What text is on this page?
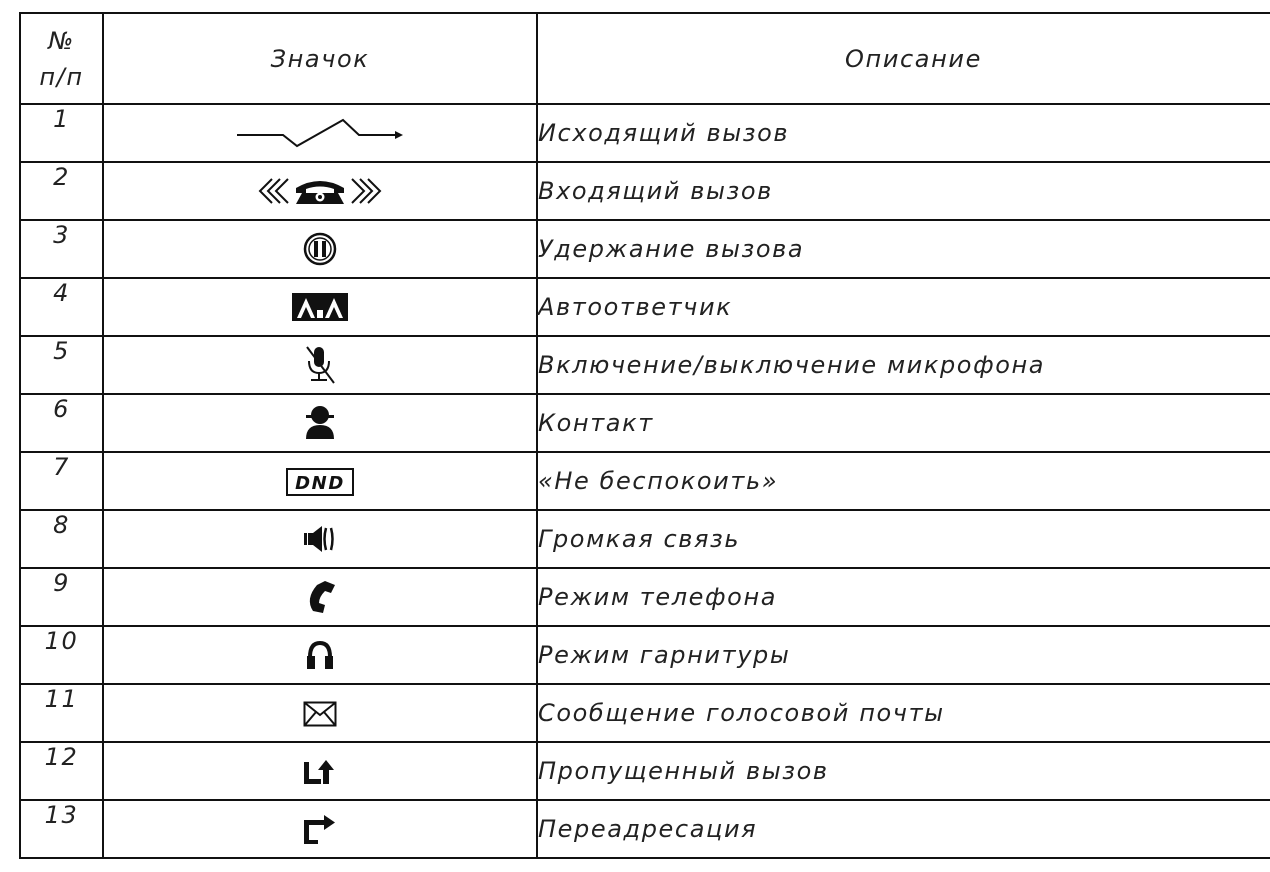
№
п/п	Значок	Описание
1		Исходящий вызов
2		Входящий вызов
3		Удержание вызова
4		Автоответчик
5		Включение/выключение микрофона
6		Контакт
7	DND	«Не беспокоить»
8		Громкая связь
9		Режим телефона
10		Режим гарнитуры
11		Сообщение голосовой почты
12		Пропущенный вызов
13		Переадресация
